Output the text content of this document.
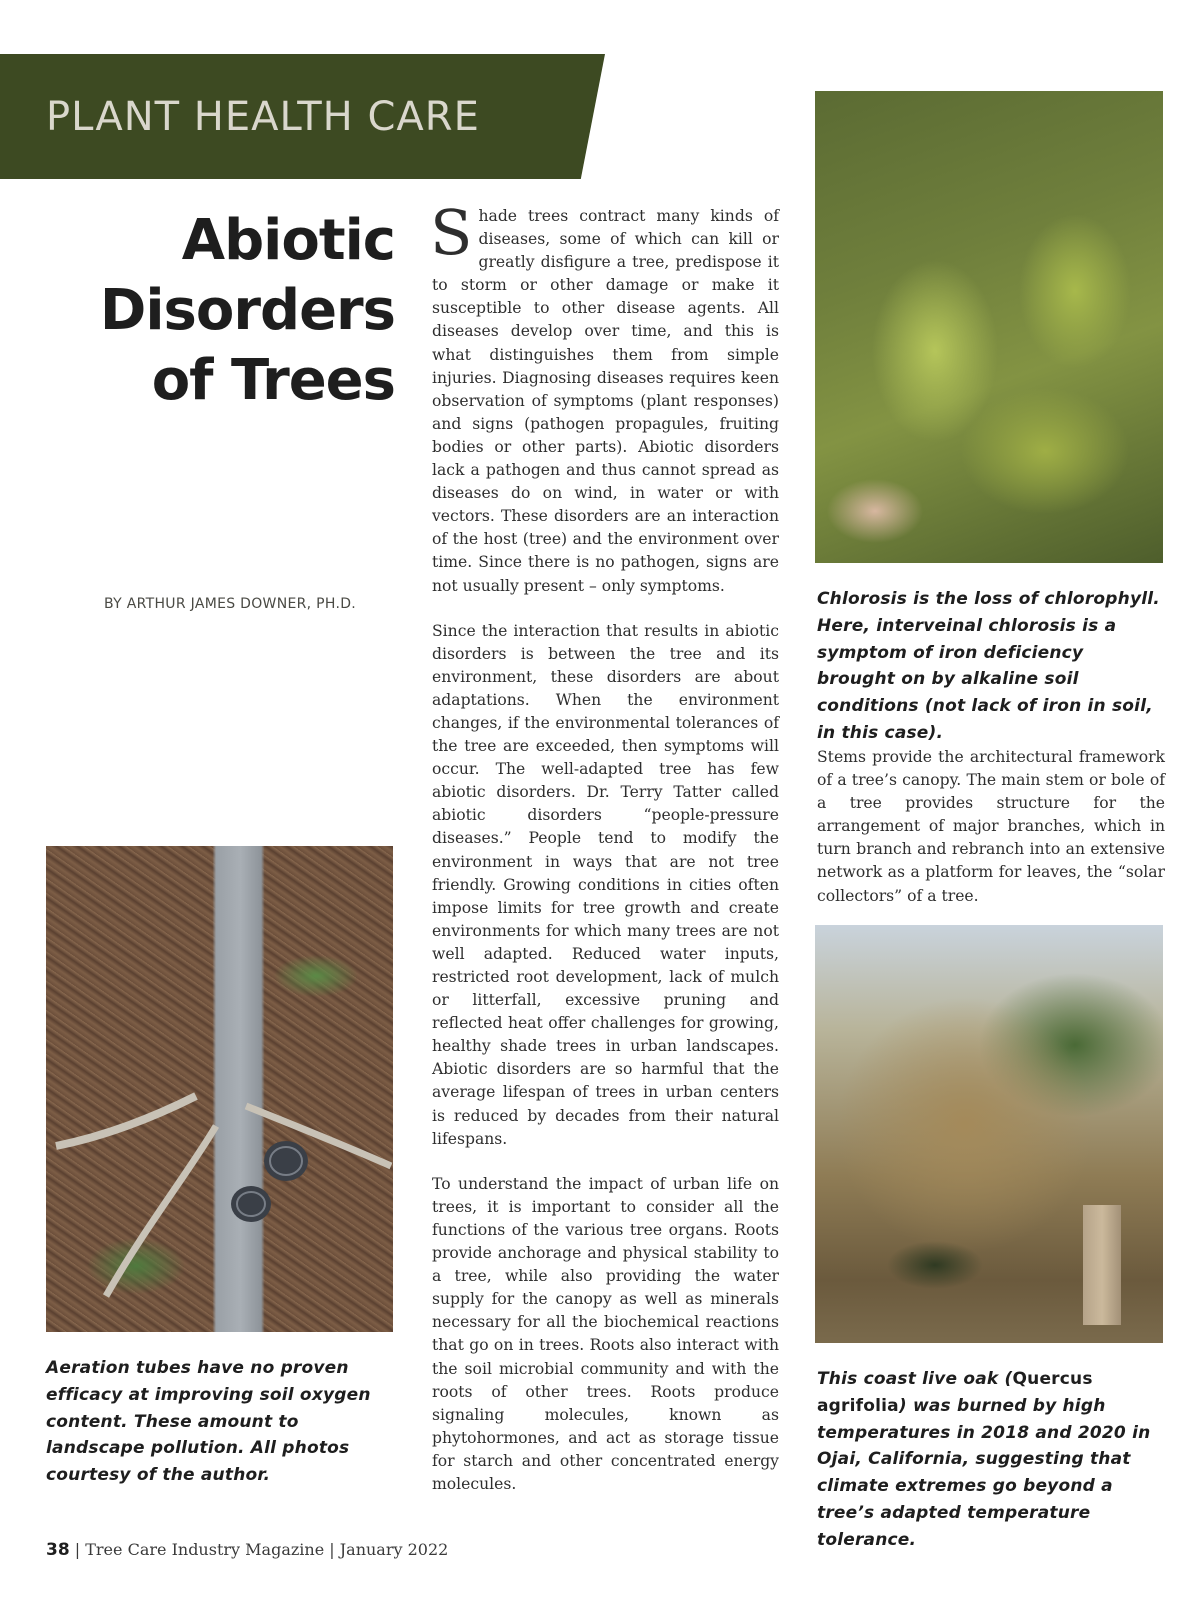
PLANT HEALTH CARE
Abiotic
Disorders
of Trees
BY ARTHUR JAMES DOWNER, PH.D.

Shade trees contract many kinds of diseases, some of which can kill or greatly disfigure a tree, predispose it to storm or other damage or make it susceptible to other disease agents. All diseases develop over time, and this is what distinguishes them from simple injuries. Diagnosing diseases requires keen observation of symptoms (plant responses) and signs (pathogen propagules, fruiting bodies or other parts). Abiotic disorders lack a pathogen and thus cannot spread as diseases do on wind, in water or with vectors. These disorders are an interaction of the host (tree) and the environment over time. Since there is no pathogen, signs are not usually present – only symptoms.

Since the interaction that results in abiotic disorders is between the tree and its environment, these disorders are about adaptations. When the environment changes, if the environmental tolerances of the tree are exceeded, then symptoms will occur. The well-adapted tree has few abiotic disorders. Dr. Terry Tatter called abiotic disorders “people-pressure diseases.” People tend to modify the environment in ways that are not tree friendly. Growing conditions in cities often impose limits for tree growth and create environments for which many trees are not well adapted. Reduced water inputs, restricted root development, lack of mulch or litterfall, excessive pruning and reflected heat offer challenges for growing, healthy shade trees in urban landscapes. Abiotic disorders are so harmful that the average lifespan of trees in urban centers is reduced by decades from their natural lifespans.

To understand the impact of urban life on trees, it is important to consider all the functions of the various tree organs. Roots provide anchorage and physical stability to a tree, while also providing the water supply for the canopy as well as minerals necessary for all the biochemical reactions that go on in trees. Roots also interact with the soil microbial community and with the roots of other trees. Roots produce signaling molecules, known as phytohormones, and act as storage tissue for starch and other concentrated energy molecules.

Chlorosis is the loss of chlorophyll. Here, interveinal chlorosis is a symptom of iron deficiency brought on by alkaline soil conditions (not lack of iron in soil, in this case).
Stems provide the architectural framework of a tree’s canopy. The main stem or bole of a tree provides structure for the arrangement of major branches, which in turn branch and rebranch into an extensive network as a platform for leaves, the “solar collectors” of a tree.
Aeration tubes have no proven efficacy at improving soil oxygen content. These amount to landscape pollution. All photos courtesy of the author.
This coast live oak (Quercus agrifolia) was burned by high temperatures in 2018 and 2020 in Ojai, California, suggesting that climate extremes go beyond a tree’s adapted temperature tolerance.
38 | Tree Care Industry Magazine | January 2022
